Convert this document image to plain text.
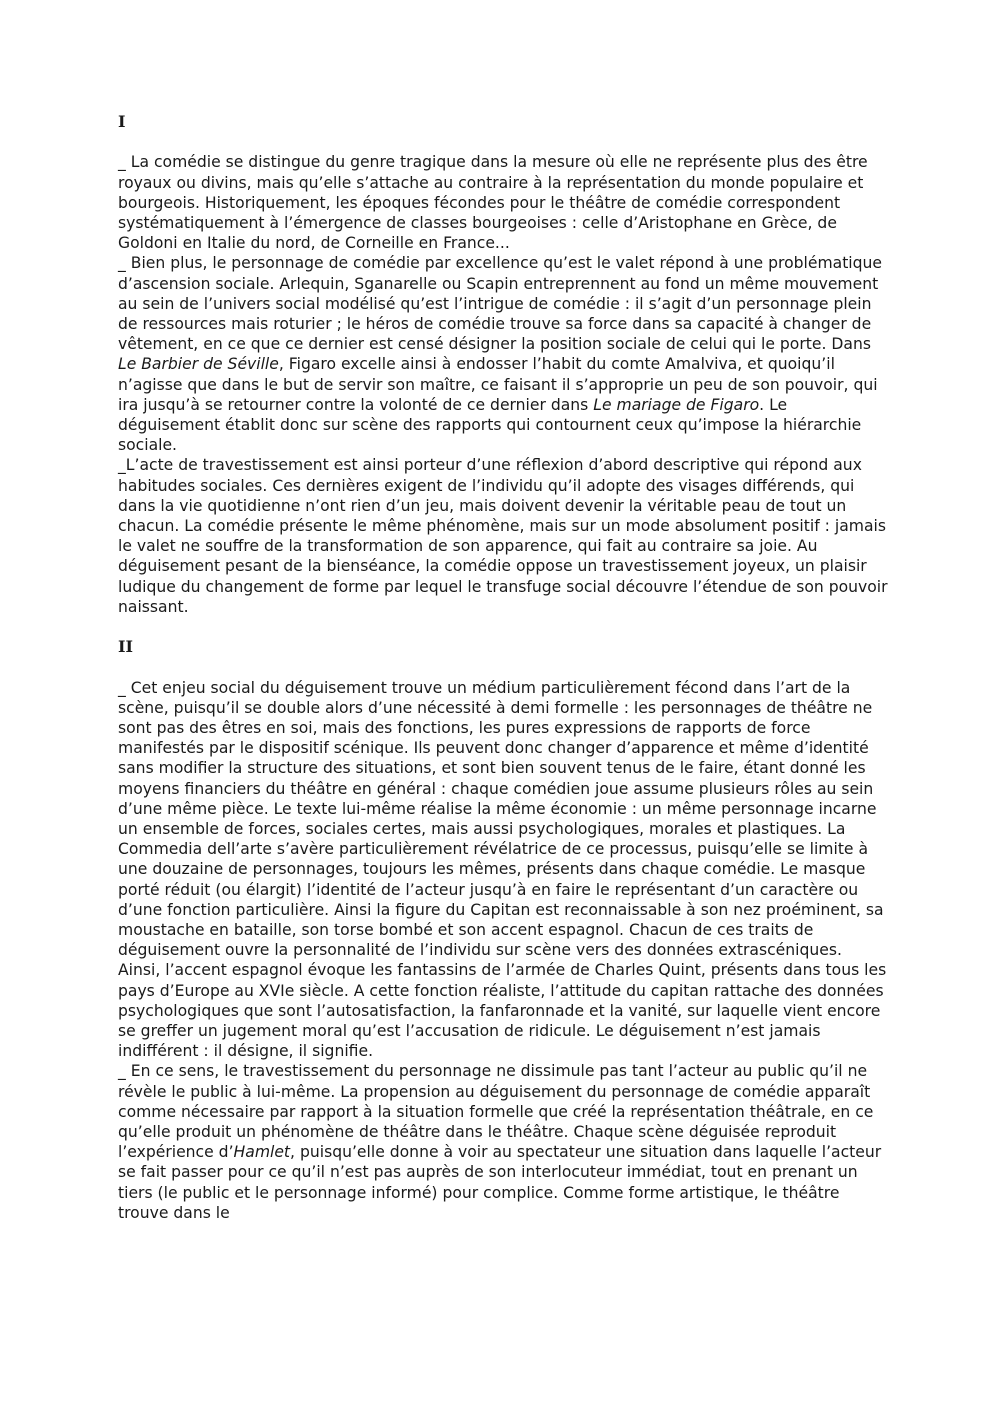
I

_ La comédie se distingue du genre tragique dans la mesure où elle ne représente plus des être royaux ou divins, mais qu’elle s’attache au contraire à la représentation du monde populaire et bourgeois. Historiquement, les époques fécondes pour le théâtre de comédie correspondent systématiquement à l’émergence de classes bourgeoises : celle d’Aristophane en Grèce, de Goldoni en Italie du nord, de Corneille en France...

_ Bien plus, le personnage de comédie par excellence qu’est le valet répond à une problématique d’ascension sociale. Arlequin, Sganarelle ou Scapin entreprennent au fond un même mouvement au sein de l’univers social modélisé qu’est l’intrigue de comédie : il s’agit d’un personnage plein de ressources mais roturier ; le héros de comédie trouve sa force dans sa capacité à changer de vêtement, en ce que ce dernier est censé désigner la position sociale de celui qui le porte. Dans Le Barbier de Séville, Figaro excelle ainsi à endosser l’habit du comte Amalviva, et quoiqu’il n’agisse que dans le but de servir son maître, ce faisant il s’approprie un peu de son pouvoir, qui ira jusqu’à se retourner contre la volonté de ce dernier dans Le mariage de Figaro. Le déguisement établit donc sur scène des rapports qui contournent ceux qu’impose la hiérarchie sociale.

_L’acte de travestissement est ainsi porteur d’une réflexion d’abord descriptive qui répond aux habitudes sociales. Ces dernières exigent de l’individu qu’il adopte des visages différends, qui dans la vie quotidienne n’ont rien d’un jeu, mais doivent devenir la véritable peau de tout un chacun. La comédie présente le même phénomène, mais sur un mode absolument positif : jamais le valet ne souffre de la transformation de son apparence, qui fait au contraire sa joie. Au déguisement pesant de la bienséance, la comédie oppose un travestissement joyeux, un plaisir ludique du changement de forme par lequel le transfuge social découvre l’étendue de son pouvoir naissant.

II

_ Cet enjeu social du déguisement trouve un médium particulièrement fécond dans l’art de la scène, puisqu’il se double alors d’une nécessité à demi formelle : les personnages de théâtre ne sont pas des êtres en soi, mais des fonctions, les pures expressions de rapports de force manifestés par le dispositif scénique. Ils peuvent donc changer d’apparence et même d’identité sans modifier la structure des situations, et sont bien souvent tenus de le faire, étant donné les moyens financiers du théâtre en général : chaque comédien joue assume plusieurs rôles au sein d’une même pièce. Le texte lui-même réalise la même économie : un même personnage incarne un ensemble de forces, sociales certes, mais aussi psychologiques, morales et plastiques. La Commedia dell’arte s’avère particulièrement révélatrice de ce processus, puisqu’elle se limite à une douzaine de personnages, toujours les mêmes, présents dans chaque comédie. Le masque porté réduit (ou élargit) l’identité de l’acteur jusqu’à en faire le représentant d’un caractère ou d’une fonction particulière. Ainsi la figure du Capitan est reconnaissable à son nez proéminent, sa moustache en bataille, son torse bombé et son accent espagnol. Chacun de ces traits de déguisement ouvre la personnalité de l’individu sur scène vers des données extrascéniques. Ainsi, l’accent espagnol évoque les fantassins de l’armée de Charles Quint, présents dans tous les pays d’Europe au XVIe siècle. A cette fonction réaliste, l’attitude du capitan rattache des données psychologiques que sont l’autosatisfaction, la fanfaronnade et la vanité, sur laquelle vient encore se greffer un jugement moral qu’est l’accusation de ridicule. Le déguisement n’est jamais indifférent : il désigne, il signifie.

_ En ce sens, le travestissement du personnage ne dissimule pas tant l’acteur au public qu’il ne révèle le public à lui-même. La propension au déguisement du personnage de comédie apparaît comme nécessaire par rapport à la situation formelle que créé la représentation théâtrale, en ce qu’elle produit un phénomène de théâtre dans le théâtre. Chaque scène déguisée reproduit l’expérience d’Hamlet, puisqu’elle donne à voir au spectateur une situation dans laquelle l’acteur se fait passer pour ce qu’il n’est pas auprès de son interlocuteur immédiat, tout en prenant un tiers (le public et le personnage informé) pour complice. Comme forme artistique, le théâtre trouve dans le
